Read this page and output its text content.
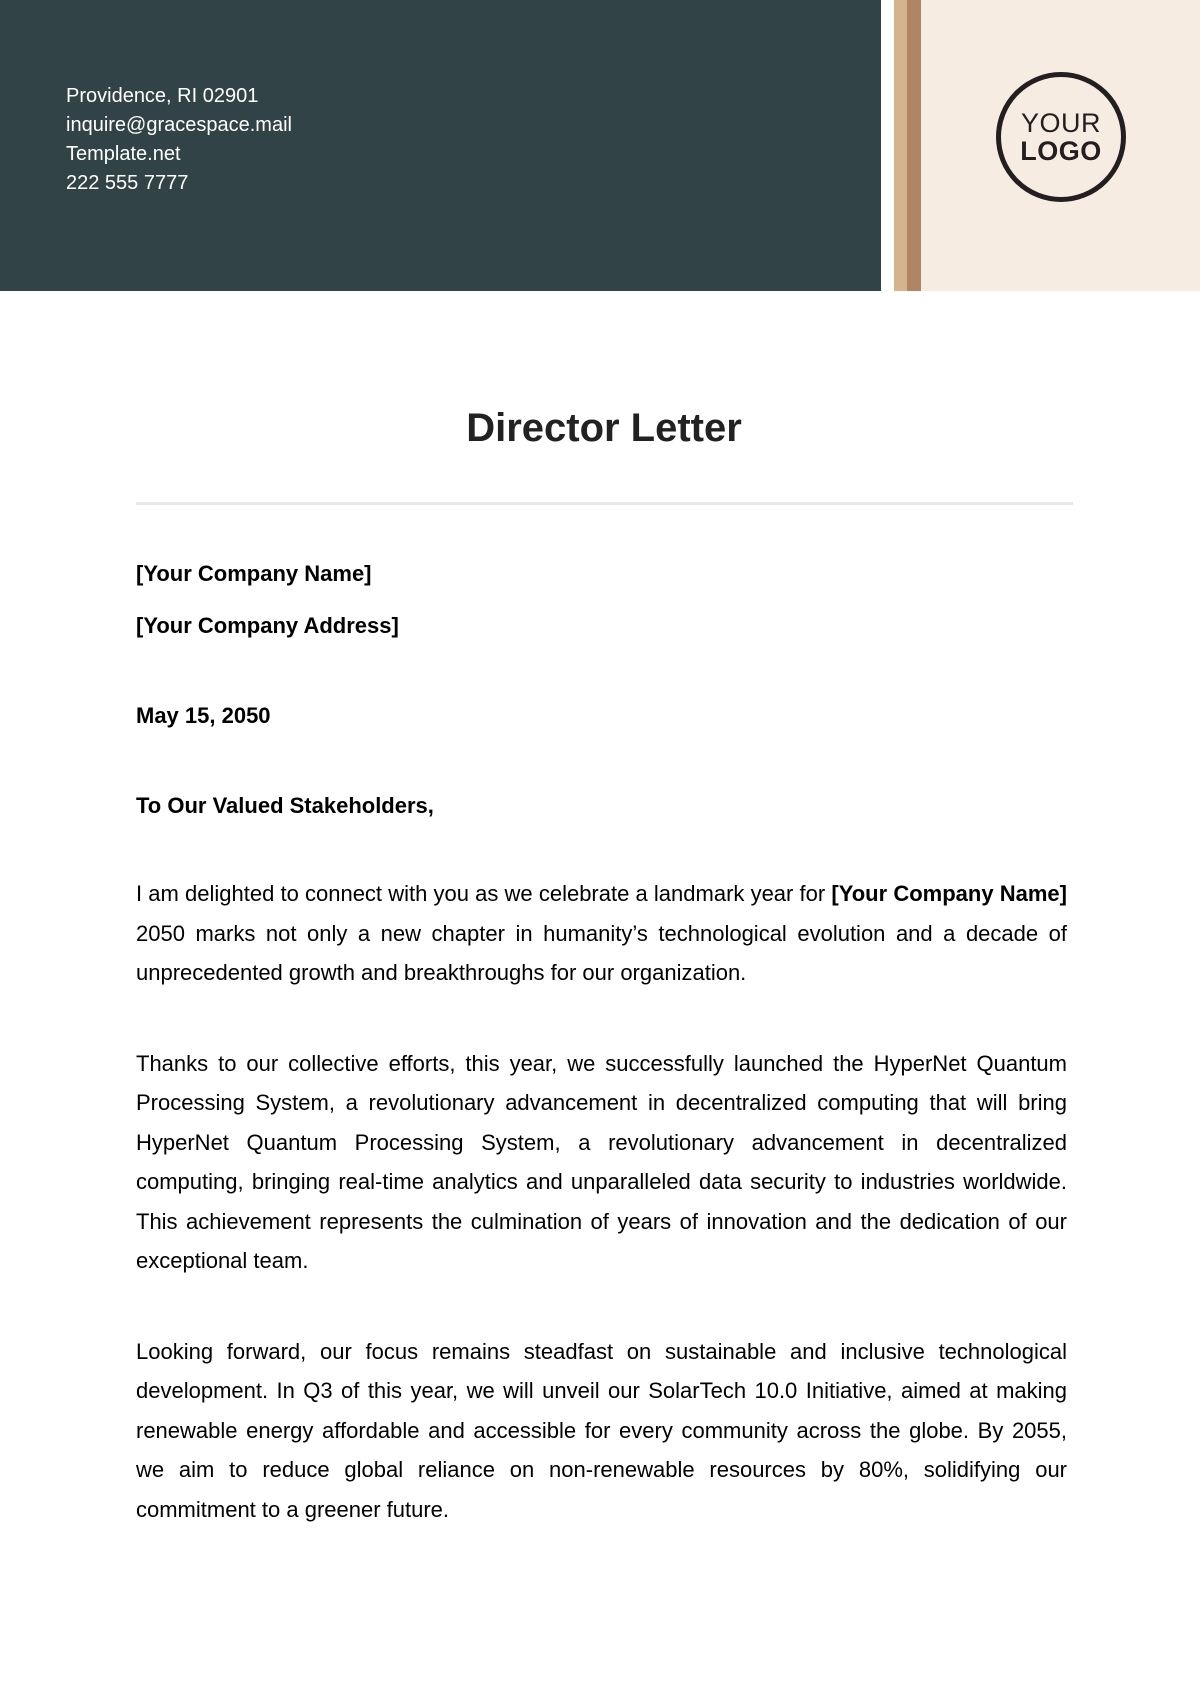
Providence, RI 02901
inquire@gracespace.mail
Template.net
222 555 7777
YOUR
LOGO
Director Letter

[Your Company Name]

[Your Company Address]

May 15, 2050

To Our Valued Stakeholders,

I am delighted to connect with you as we celebrate a landmark year for [Your Company Name] 2050 marks not only a new chapter in humanity’s technological evolution and a decade of unprecedented growth and breakthroughs for our organization.

Thanks to our collective efforts, this year, we successfully launched the HyperNet Quantum Processing System, a revolutionary advancement in decentralized computing that will bring HyperNet Quantum Processing System, a revolutionary advancement in decentralized computing, bringing real-time analytics and unparalleled data security to industries worldwide. This achievement represents the culmination of years of innovation and the dedication of our exceptional team.

Looking forward, our focus remains steadfast on sustainable and inclusive technological development. In Q3 of this year, we will unveil our SolarTech 10.0 Initiative, aimed at making renewable energy affordable and accessible for every community across the globe. By 2055, we aim to reduce global reliance on non-renewable resources by 80%, solidifying our commitment to a greener future.
